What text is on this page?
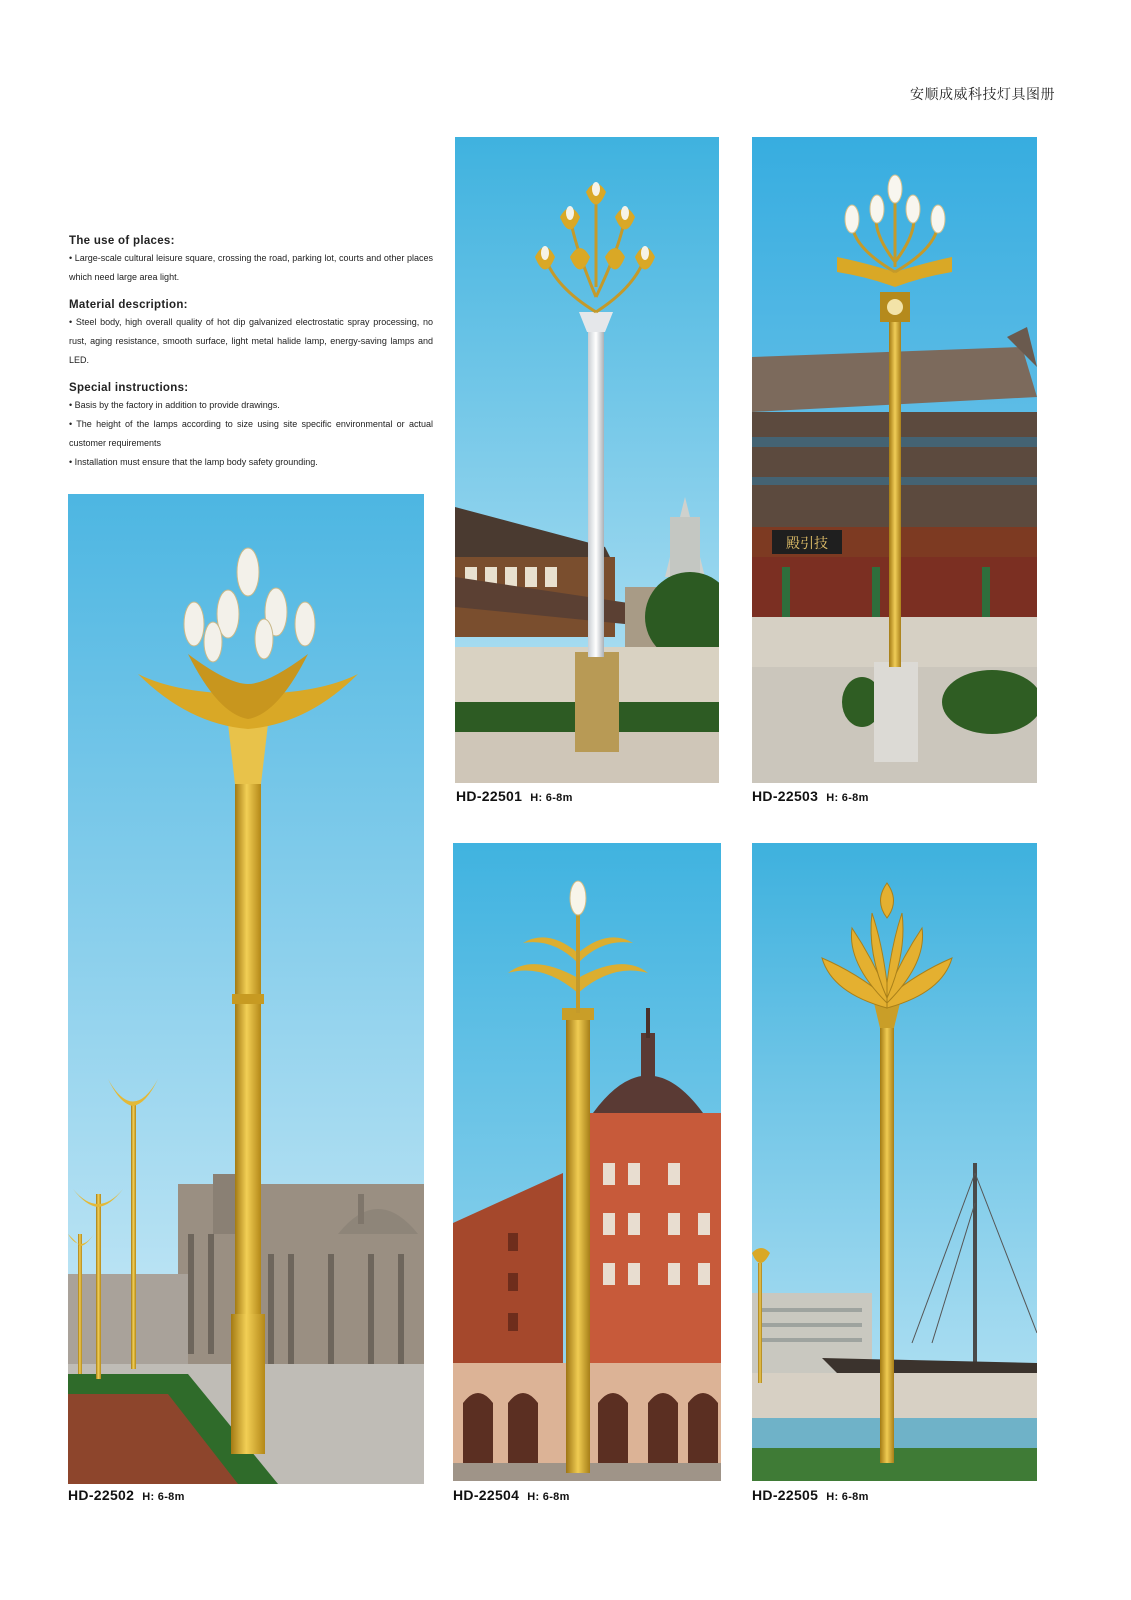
安顺成威科技灯具图册
The use of places:

• Large-scale cultural leisure square, crossing the road, parking lot, courts and other places which need large area light.

Material description:

• Steel body, high overall quality of hot dip galvanized electrostatic spray processing, no rust, aging resistance, smooth surface, light metal halide lamp, energy-saving lamps and LED.

Special instructions:

• Basis by the factory in addition to provide drawings.

• The height of the lamps according to size using site specific environmental or actual customer requirements

• Installation must ensure that the lamp body safety grounding.

HD-22502 H: 6-8m
HD-22501 H: 6-8m
殿引技
HD-22503 H: 6-8m
HD-22504 H: 6-8m	HD-22505 H: 6-8m
